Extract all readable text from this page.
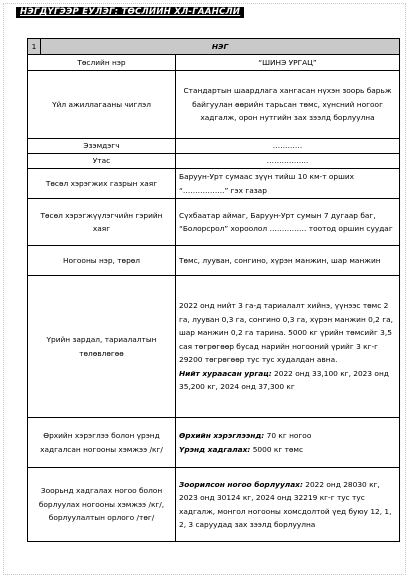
НЭГДҮГЭЭР ЕУЛЭГ: ТӨСЛИЙН ХЛ-ГААНСЛЙ
1	НЭГ	
Төслийн нэр		“ШИНЭ УРГАЦ”
Үйл ажиллагааны чиглэл		Стандартын шаардлага хангасан нүхэн зоорь барьж байгуулан өөрийн тарьсан төмс, хүнсний ногоог хадгалж, орон нутгийн зах зээлд борлуулна
Эзэмдэгч		…………
Утас		……………..
Төсөл хэрэгжих газрын хаяг		Баруун-Урт сумаас зүүн тийш 10 км-т орших “……………..” гэх газар
Төсөл хэрэгжүүлэгчийн гэрийн хаяг		Сүхбаатар аймаг, Баруун-Урт сумын 7 дугаар баг, “Болорсрол” хороолол …………… тоотод оршин суудаг
Ногооны нэр, төрөл		Төмс, лууван, сонгино, хүрэн манжин, шар манжин
Үрийн зардал, тариалалтын төлөвлөгөө		2022 онд нийт 3 га-д тариалалт хийнэ, үүнээс төмс 2 га, лууван 0,3 га, сонгино 0,3 га, хүрэн манжин 0,2 га, шар манжин 0,2 га тарина. 5000 кг үрийн төмсийг 3,5 сая төгрөгөөр бусад нарийн ногооний үрийг 3 кг-г 29200 төгрөгөөр тус тус худалдан авна.
Нийт хураасан ургац: 2022 онд 33,100 кг, 2023 онд 35,200 кг, 2024 онд 37,300 кг

Өрхийн хэрэглээ болон үрэнд хадгалсан ногооны хэмжээ /кг/		Өрхийн хэрэглээнд: 70 кг ногоо
Үрэнд хадгалах: 5000 кг төмс

Зоорьнд хадгалах ногоо болон борлуулах ногооны хэмжээ /кг/, борлуулалтын орлого /төг/		Зоорилсон ногоо борлуулах: 2022 онд 28030 кг, 2023 онд 30124 кг, 2024 онд 32219 кг-г тус тус хадгалж, монгол ногооны хомсдолтой үед буюу 12, 1, 2, 3 саруудад зах зээлд борлуулна
